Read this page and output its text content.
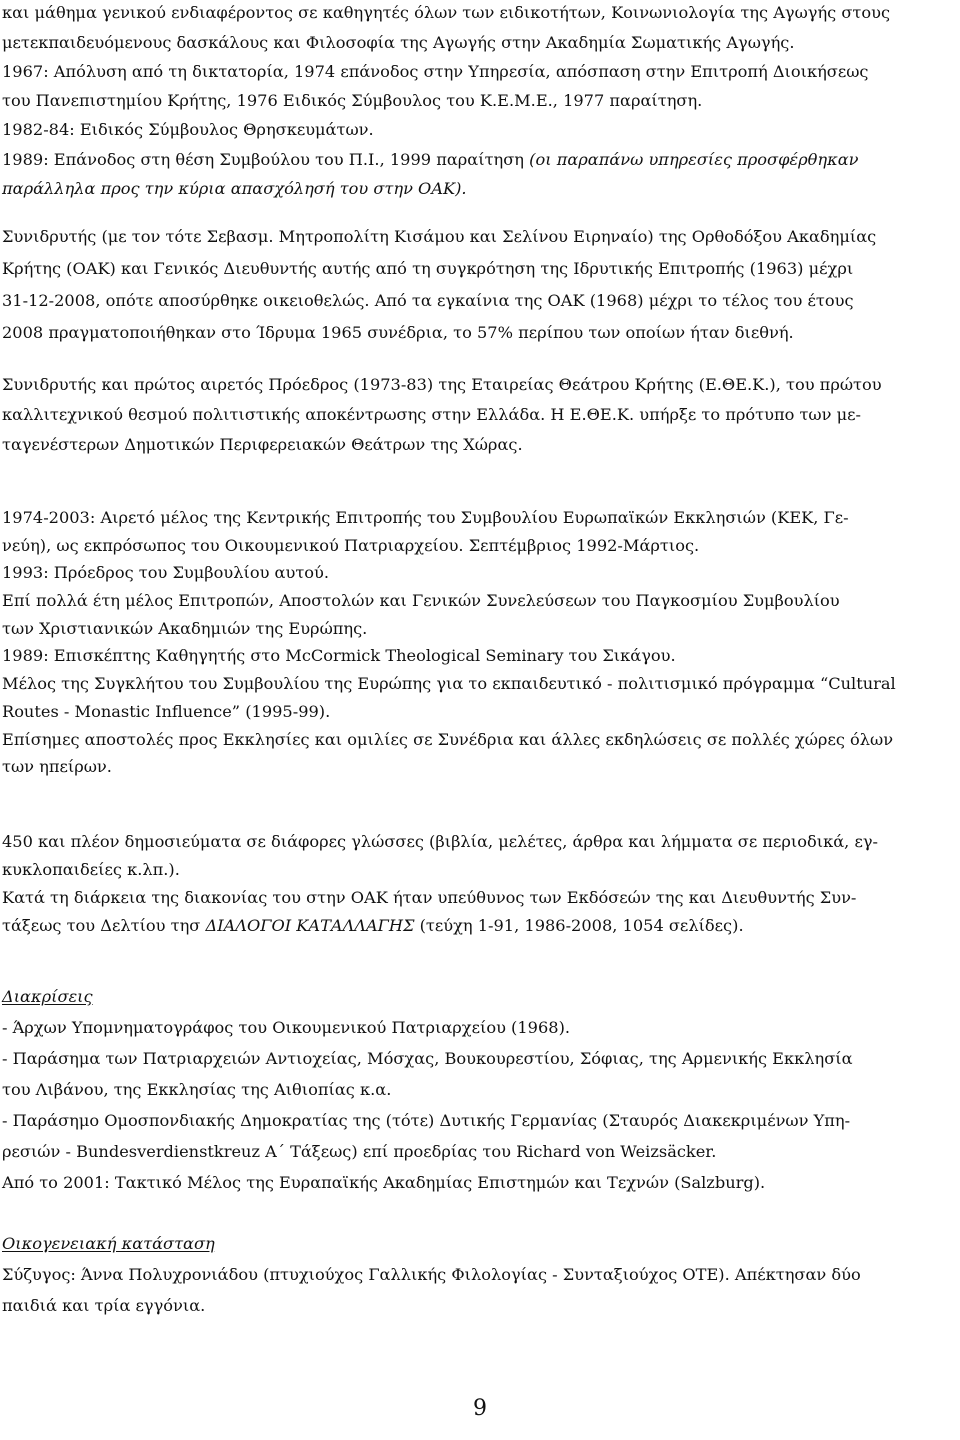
και μάθημα γενικού ενδιαφέροντος σε καθηγητές όλων των ειδικοτήτων, Κοινωνιολογία της Αγωγής στους
μετεκπαιδευόμενους δασκάλους και Φιλοσοφία της Αγωγής στην Ακαδημία Σωματικής Αγωγής.
1967: Απόλυση από τη δικτατορία, 1974 επάνοδος στην Υπηρεσία, απόσπαση στην Επιτροπή Διοικήσεως
του Πανεπιστημίου Κρήτης, 1976 Ειδικός Σύμβουλος του Κ.Ε.Μ.Ε., 1977 παραίτηση.
1982-84: Ειδικός Σύμβουλος Θρησκευμάτων.
1989: Επάνοδος στη θέση Συμβούλου του Π.Ι., 1999 παραίτηση (οι παραπάνω υπηρεσίες προσφέρθηκαν
παράλληλα προς την κύρια απασχόλησή του στην ΟΑΚ).
Συνιδρυτής (με τον τότε Σεβασμ. Μητροπολίτη Κισάμου και Σελίνου Ειρηναίο) της Ορθοδόξου Ακαδημίας
Κρήτης (ΟΑΚ) και Γενικός Διευθυντής αυτής από τη συγκρότηση της Ιδρυτικής Επιτροπής (1963) μέχρι
31-12-2008, οπότε αποσύρθηκε οικειοθελώς. Από τα εγκαίνια της ΟΑΚ (1968) μέχρι το τέλος του έτους
2008 πραγματοποιήθηκαν στο Ίδρυμα 1965 συνέδρια, το 57% περίπου των οποίων ήταν διεθνή.
Συνιδρυτής και πρώτος αιρετός Πρόεδρος (1973-83) της Εταιρείας Θεάτρου Κρήτης (Ε.ΘΕ.Κ.), του πρώτου
καλλιτεχνικού θεσμού πολιτιστικής αποκέντρωσης στην Ελλάδα. Η Ε.ΘΕ.Κ. υπήρξε το πρότυπο των με-
ταγενέστερων Δημοτικών Περιφερειακών Θεάτρων της Χώρας.
1974-2003: Αιρετό μέλος της Κεντρικής Επιτροπής του Συμβουλίου Ευρωπαϊκών Εκκλησιών (ΚΕΚ, Γε-
νεύη), ως εκπρόσωπος του Οικουμενικού Πατριαρχείου. Σεπτέμβριος 1992-Μάρτιος.
1993: Πρόεδρος του Συμβουλίου αυτού.
Επί πολλά έτη μέλος Επιτροπών, Αποστολών και Γενικών Συνελεύσεων του Παγκοσμίου Συμβουλίου
των Χριστιανικών Ακαδημιών της Ευρώπης.
1989: Επισκέπτης Καθηγητής στο McCormick Theological Seminary του Σικάγου.
Μέλος της Συγκλήτου του Συμβουλίου της Ευρώπης για το εκπαιδευτικό - πολιτισμικό πρόγραμμα “Cultural
Routes - Monastic Influence” (1995-99).
Επίσημες αποστολές προς Εκκλησίες και ομιλίες σε Συνέδρια και άλλες εκδηλώσεις σε πολλές χώρες όλων
των ηπείρων.
450 και πλέον δημοσιεύματα σε διάφορες γλώσσες (βιβλία, μελέτες, άρθρα και λήμματα σε περιοδικά, εγ-
κυκλοπαιδείες κ.λπ.).
Κατά τη διάρκεια της διακονίας του στην ΟΑΚ ήταν υπεύθυνος των Εκδόσεών της και Διευθυντής Συν-
τάξεως του Δελτίου τησ ΔΙΑΛΟΓΟΙ ΚΑΤΑΛΛΑΓΗΣ (τεύχη 1-91, 1986-2008, 1054 σελίδες).
Διακρίσεις
- Άρχων Υπομνηματογράφος του Οικουμενικού Πατριαρχείου (1968).
- Παράσημα των Πατριαρχειών Αντιοχείας, Μόσχας, Βουκουρεστίου, Σόφιας, της Αρμενικής Εκκλησία
του Λιβάνου, της Εκκλησίας της Αιθιοπίας κ.α.
- Παράσημο Ομοσπονδιακής Δημοκρατίας της (τότε) Δυτικής Γερμανίας (Σταυρός Διακεκριμένων Υπη-
ρεσιών - Bundesverdienstkreuz Α΄ Τάξεως) επί προεδρίας του Richard von Weizsäcker.
Από το 2001: Τακτικό Μέλος της Ευραπαϊκής Ακαδημίας Επιστημών και Τεχνών (Salzburg).
Οικογενειακή κατάσταση
Σύζυγος: Άννα Πολυχρονιάδου (πτυχιούχος Γαλλικής Φιλολογίας - Συνταξιούχος ΟΤΕ). Απέκτησαν δύο
παιδιά και τρία εγγόνια.
9
